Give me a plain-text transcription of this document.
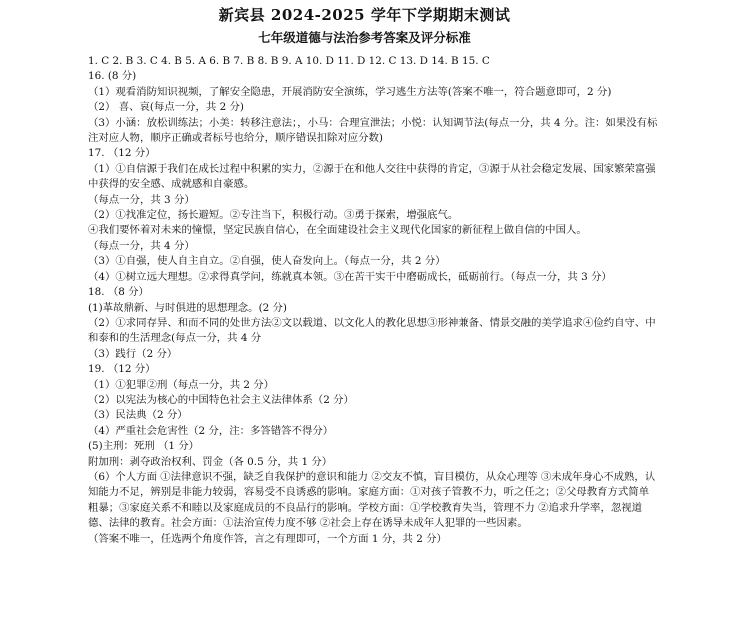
新宾县 2024-2025 学年下学期期末测试
七年级道德与法治参考答案及评分标准
1. C 2. B 3. C 4. B 5. A 6. B 7. B 8. B 9. A 10. D 11. D 12. C 13. D 14. B 15. C
16. (8 分)
（1）观看消防知识视频，了解安全隐患，开展消防安全演练，学习逃生方法等(答案不唯一，符合题意即可，2 分)
（2） 喜、哀(每点一分，共 2 分)
（3）小涵：放松训练法；小美：转移注意法；，小马：合理宣泄法；小悦：认知调节法(每点一分，共 4 分。注：如果没有标注对应人物，顺序正确或者标号也给分，顺序错误扣除对应分数)
17. （12 分）
（1）①自信源于我们在成长过程中积累的实力，②源于在和他人交往中获得的肯定，③源于从社会稳定发展、国家繁荣富强中获得的安全感、成就感和自豪感。
（每点一分，共 3 分）
（2）①找准定位，扬长避短。②专注当下，积极行动。③勇于探索，增强底气。
④我们要怀着对未来的憧憬，坚定民族自信心，在全面建设社会主义现代化国家的新征程上做自信的中国人。
（每点一分，共 4 分）
（3）①自强，使人自主自立。②自强，使人奋发向上。（每点一分，共 2 分）
（4）①树立远大理想。②求得真学问，练就真本领。③在苦干实干中磨砺成长，砥砺前行。（每点一分，共 3 分）
18. （8 分）
(1)革故鼎新、与时俱进的思想理念。(2 分)
（2）①求同存异、和而不同的处世方法②文以载道、以文化人的教化思想③形神兼备、情景交融的美学追求④俭约自守、中和泰和的生活理念(每点一分，共 4 分
（3）践行（2 分）
19. （12 分）
（1）①犯罪②刑（每点一分，共 2 分）
（2）以宪法为核心的中国特色社会主义法律体系（2 分）
（3）民法典（2 分）
（4）严重社会危害性（2 分，注：多答错答不得分）
(5)主刑：死刑 （1 分）
附加刑：剥夺政治权利、罚金（各 0.5 分，共 1 分）
（6）个人方面 ①法律意识不强，缺乏自我保护的意识和能力 ②交友不慎，盲目模仿，从众心理等 ③未成年身心不成熟，认知能力不足，辨别是非能力较弱，容易受不良诱惑的影响。家庭方面：①对孩子管教不力，听之任之；②父母教育方式简单粗暴；③家庭关系不和睦以及家庭成员的不良品行的影响。学校方面：①学校教育失当，管理不力 ②追求升学率，忽视道德、法律的教育。社会方面：①法治宣传力度不够 ②社会上存在诱导未成年人犯罪的一些因素。
（答案不唯一，任选两个角度作答，言之有理即可，一个方面 1 分，共 2 分）
